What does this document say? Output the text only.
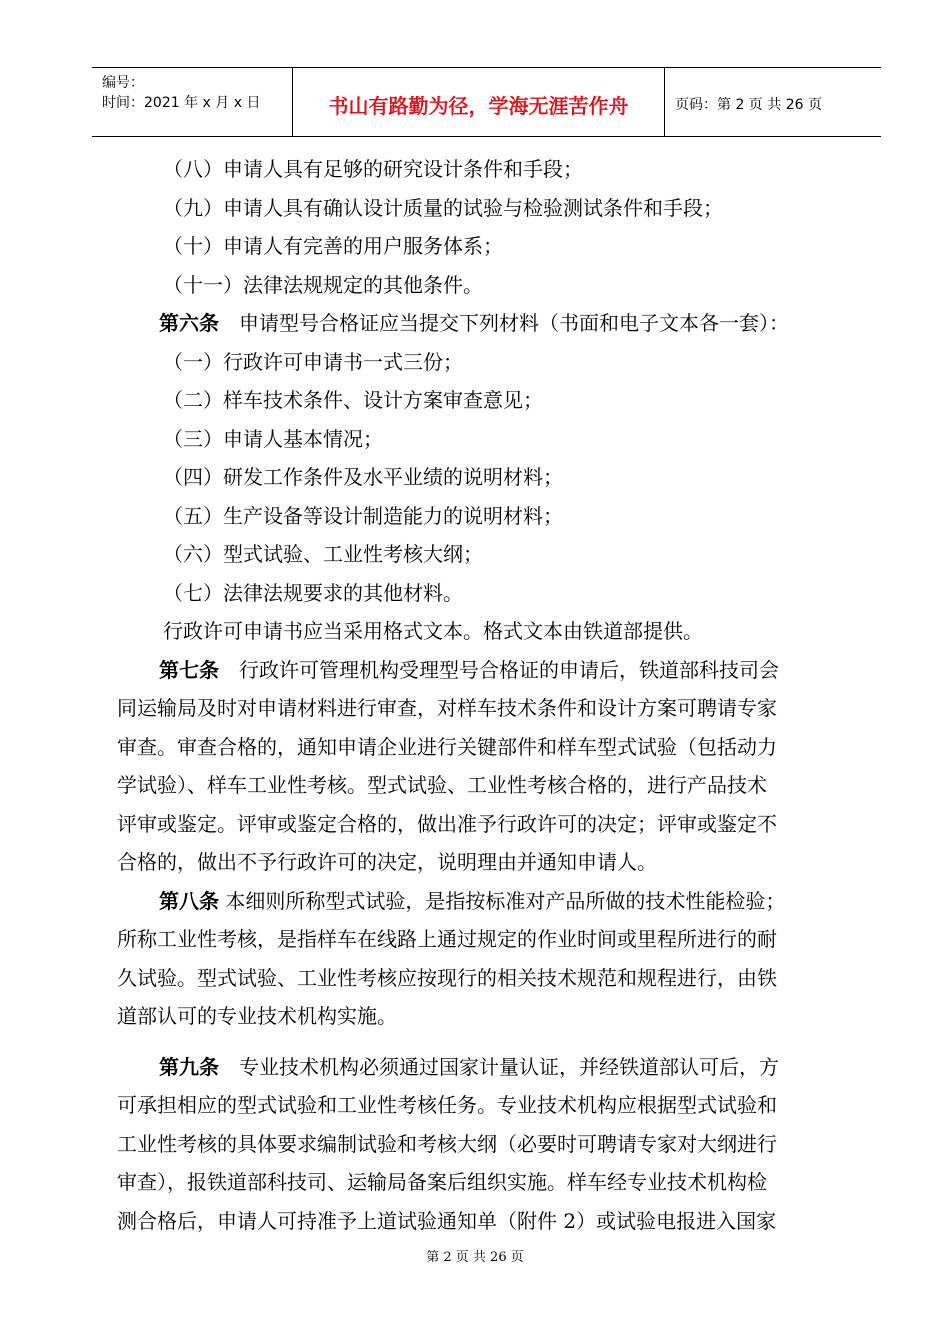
编号：
时间：2021 年 x 月 x 日	书山有路勤为径，学海无涯苦作舟	页码：第 2 页 共 26 页
（八）申请人具有足够的研究设计条件和手段；
（九）申请人具有确认设计质量的试验与检验测试条件和手段；
（十）申请人有完善的用户服务体系；
（十一）法律法规规定的其他条件。
第六条　申请型号合格证应当提交下列材料（书面和电子文本各一套）：
（一）行政许可申请书一式三份；
（二）样车技术条件、设计方案审查意见；
（三）申请人基本情况；
（四）研发工作条件及水平业绩的说明材料；
（五）生产设备等设计制造能力的说明材料；
（六）型式试验、工业性考核大纲；
（七）法律法规要求的其他材料。
行政许可申请书应当采用格式文本。格式文本由铁道部提供。
第七条　行政许可管理机构受理型号合格证的申请后，铁道部科技司会
同运输局及时对申请材料进行审查，对样车技术条件和设计方案可聘请专家
审查。审查合格的，通知申请企业进行关键部件和样车型式试验（包括动力
学试验）、样车工业性考核。型式试验、工业性考核合格的，进行产品技术
评审或鉴定。评审或鉴定合格的，做出准予行政许可的决定；评审或鉴定不
合格的，做出不予行政许可的决定，说明理由并通知申请人。
第八条 本细则所称型式试验，是指按标准对产品所做的技术性能检验；
所称工业性考核，是指样车在线路上通过规定的作业时间或里程所进行的耐
久试验。型式试验、工业性考核应按现行的相关技术规范和规程进行，由铁
道部认可的专业技术机构实施。
第九条　专业技术机构必须通过国家计量认证，并经铁道部认可后，方
可承担相应的型式试验和工业性考核任务。专业技术机构应根据型式试验和
工业性考核的具体要求编制试验和考核大纲（必要时可聘请专家对大纲进行
审查），报铁道部科技司、运输局备案后组织实施。样车经专业技术机构检
测合格后，申请人可持准予上道试验通知单（附件 2）或试验电报进入国家
第 2 页 共 26 页
